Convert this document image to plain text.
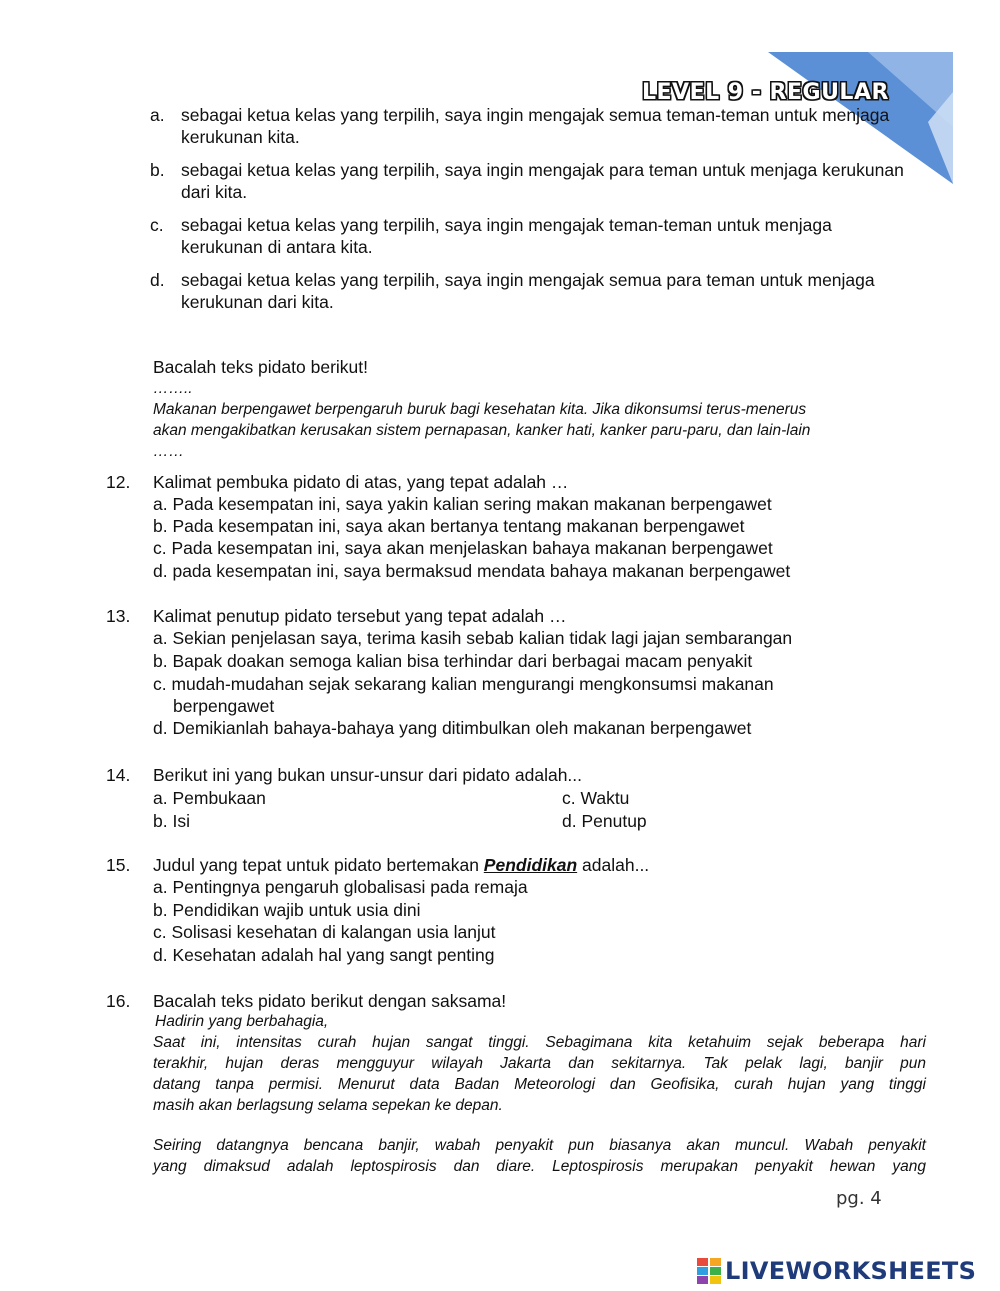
LEVEL 9 - REGULAR
a. sebagai ketua kelas yang terpilih, saya ingin mengajak semua teman-teman untuk menjaga kerukunan kita.
b. sebagai ketua kelas yang terpilih, saya ingin mengajak para teman untuk menjaga kerukunan dari kita.
c. sebagai ketua kelas yang terpilih, saya ingin mengajak teman-teman untuk menjaga kerukunan di antara kita.
d. sebagai ketua kelas yang terpilih, saya ingin mengajak semua para teman untuk menjaga kerukunan dari kita.
Bacalah teks pidato berikut!
……..
Makanan berpengawet berpengaruh buruk bagi kesehatan kita. Jika dikonsumsi terus-menerus
akan mengakibatkan kerusakan sistem pernapasan, kanker hati, kanker paru-paru, dan lain-lain
……
12. Kalimat pembuka pidato di atas, yang tepat adalah …
a. Pada kesempatan ini, saya yakin kalian sering makan makanan berpengawet
b. Pada kesempatan ini, saya akan bertanya tentang makanan berpengawet
c. Pada kesempatan ini, saya akan menjelaskan bahaya makanan berpengawet
d. pada kesempatan ini, saya bermaksud mendata bahaya makanan berpengawet
13. Kalimat penutup pidato tersebut yang tepat adalah …
a. Sekian penjelasan saya, terima kasih sebab kalian tidak lagi jajan sembarangan
b. Bapak doakan semoga kalian bisa terhindar dari berbagai macam penyakit
c. mudah-mudahan sejak sekarang kalian mengurangi mengkonsumsi makanan
berpengawet
d. Demikianlah bahaya-bahaya yang ditimbulkan oleh makanan berpengawet
14. Berikut ini yang bukan unsur-unsur dari pidato adalah...
a. Pembukaan	c. Waktu
b. Isi	d. Penutup
15. Judul yang tepat untuk pidato bertemakan Pendidikan adalah...
a. Pentingnya pengaruh globalisasi pada remaja
b. Pendidikan wajib untuk usia dini
c. Solisasi kesehatan di kalangan usia lanjut
d. Kesehatan adalah hal yang sangt penting
16. Bacalah teks pidato berikut dengan saksama!
Hadirin yang berbahagia,
Saat ini, intensitas curah hujan sangat tinggi. Sebagimana kita ketahuim sejak beberapa hari
terakhir, hujan deras mengguyur wilayah Jakarta dan sekitarnya. Tak pelak lagi, banjir pun
datang tanpa permisi. Menurut data Badan Meteorologi dan Geofisika, curah hujan yang tinggi
masih akan berlagsung selama sepekan ke depan.
Seiring datangnya bencana banjir, wabah penyakit pun biasanya akan muncul. Wabah penyakit
yang dimaksud adalah leptospirosis dan diare. Leptospirosis merupakan penyakit hewan yang
pg. 4
LIVEWORKSHEETS
